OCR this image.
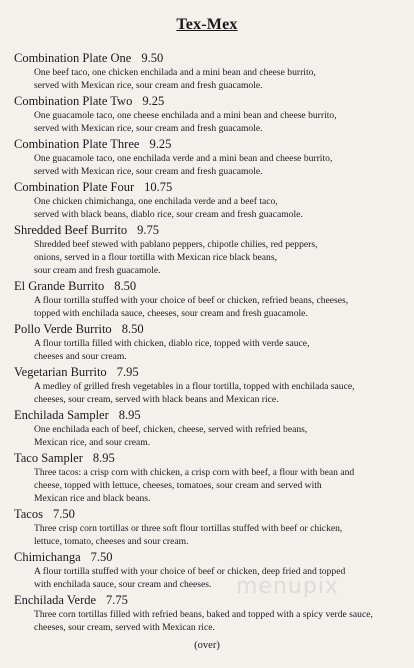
Tex-Mex
Combination Plate One 9.50
One beef taco, one chicken enchilada and a mini bean and cheese burrito,
served with Mexican rice, sour cream and fresh guacamole.
Combination Plate Two 9.25
One guacamole taco, one cheese enchilada and a mini bean and cheese burrito,
served with Mexican rice, sour cream and fresh guacamole.
Combination Plate Three 9.25
One guacamole taco, one enchilada verde and a mini bean and cheese burrito,
served with Mexican rice, sour cream and fresh guacamole.
Combination Plate Four 10.75
One chicken chimichanga, one enchilada verde and a beef taco,
served with black beans, diablo rice, sour cream and fresh guacamole.
Shredded Beef Burrito 9.75
Shredded beef stewed with pablano peppers, chipotle chilies, red peppers,
onions, served in a flour tortilla with Mexican rice black beans,
sour cream and fresh guacamole.
El Grande Burrito 8.50
A flour tortilla stuffed with your choice of beef or chicken, refried beans, cheeses,
topped with enchilada sauce, cheeses, sour cream and fresh guacamole.
Pollo Verde Burrito 8.50
A flour tortilla filled with chicken, diablo rice, topped with verde sauce,
cheeses and sour cream.
Vegetarian Burrito 7.95
A medley of grilled fresh vegetables in a flour tortilla, topped with enchilada sauce,
cheeses, sour cream, served with black beans and Mexican rice.
Enchilada Sampler 8.95
One enchilada each of beef, chicken, cheese, served with refried beans,
Mexican rice, and sour cream.
Taco Sampler 8.95
Three tacos: a crisp corn with chicken, a crisp corn with beef, a flour with bean and
cheese, topped with lettuce, cheeses, tomatoes, sour cream and served with
Mexican rice and black beans.
Tacos 7.50
Three crisp corn tortillas or three soft flour tortillas stuffed with beef or chicken,
lettuce, tomato, cheeses and sour cream.
Chimichanga 7.50
A flour tortilla stuffed with your choice of beef or chicken, deep fried and topped
with enchilada sauce, sour cream and cheeses.
Enchilada Verde 7.75
Three corn tortillas filled with refried beans, baked and topped with a spicy verde sauce,
cheeses, sour cream, served with Mexican rice.
menupix
(over)
